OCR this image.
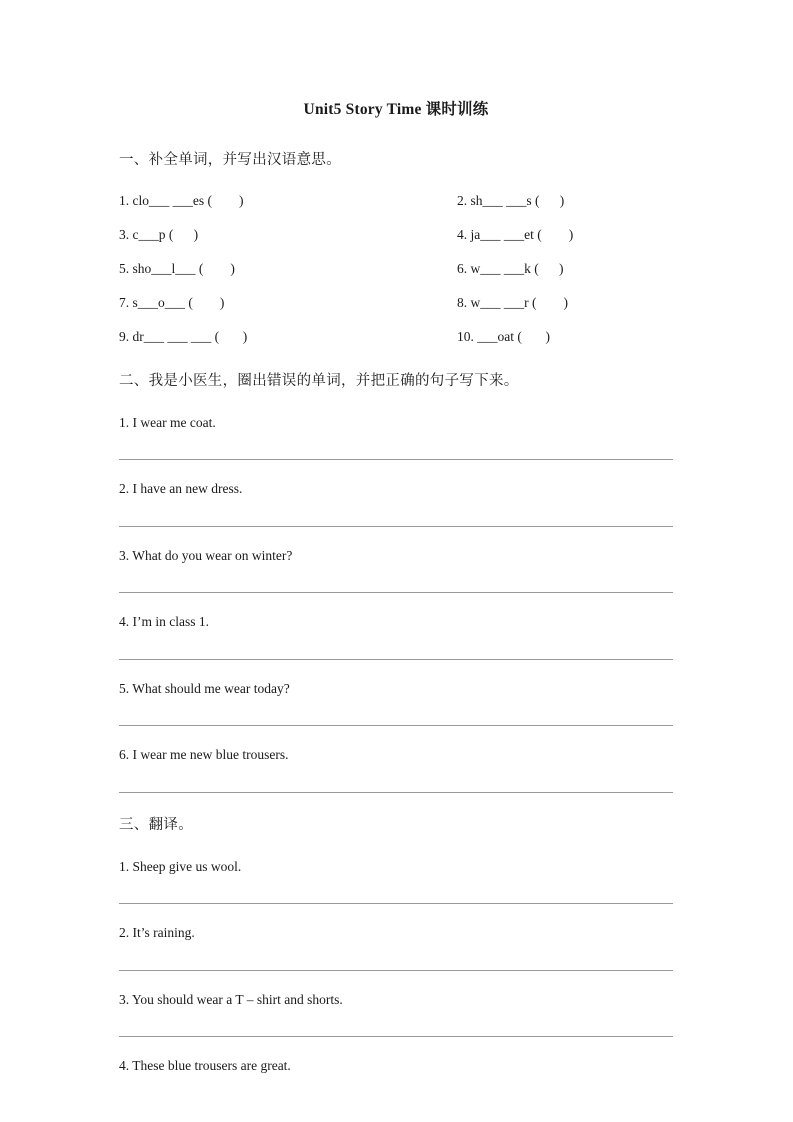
Unit5 Story Time 课时训练
一、补全单词，并写出汉语意思。
1. clo___ ___es (        )	2. sh___ ___s (      )
3. c___p (      )	4. ja___ ___et (        )
5. sho___l___ (        )	6. w___ ___k (      )
7. s___o___ (        )	8. w___ ___r (        )
9. dr___ ___ ___ (       )	10. ___oat (       )
二、我是小医生，圈出错误的单词，并把正确的句子写下来。
1. I wear me coat.
2. I have an new dress.
3. What do you wear on winter?
4. I’m in class 1.
5. What should me wear today?
6. I wear me new blue trousers.
三、翻译。
1. Sheep give us wool.
2. It’s raining.
3. You should wear a T – shirt and shorts.
4. These blue trousers are great.
